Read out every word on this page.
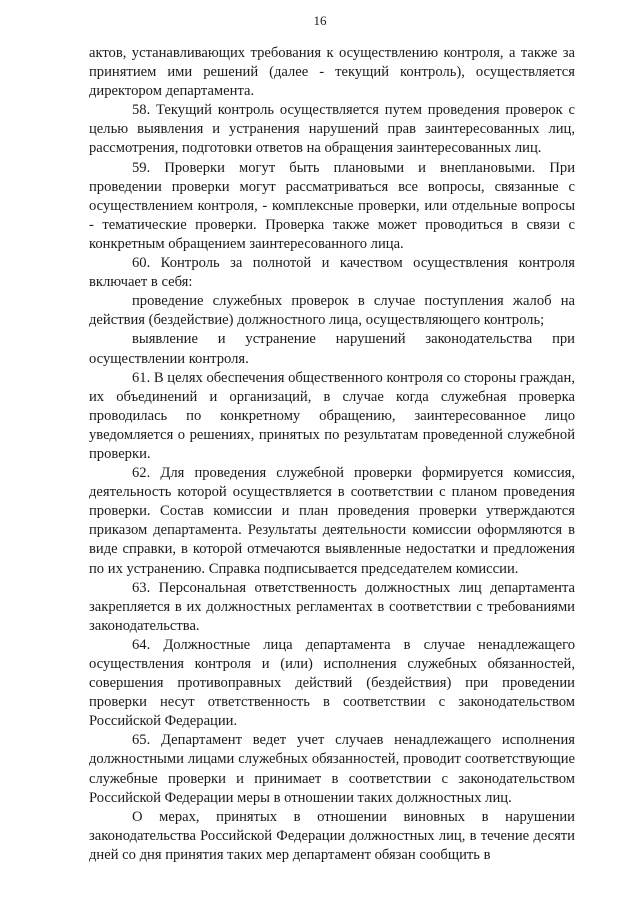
16

актов, устанавливающих требования к осуществлению контроля, а также за принятием ими решений (далее - текущий контроль), осуществляется директором департамента.

58. Текущий контроль осуществляется путем проведения проверок с целью выявления и устранения нарушений прав заинтересованных лиц, рассмотрения, подготовки ответов на обращения заинтересованных лиц.

59. Проверки могут быть плановыми и внеплановыми. При проведении проверки могут рассматриваться все вопросы, связанные с осуществлением контроля, - комплексные проверки, или отдельные вопросы - тематические проверки. Проверка также может проводиться в связи с конкретным обращением заинтересованного лица.

60. Контроль за полнотой и качеством осуществления контроля включает в себя:

проведение служебных проверок в случае поступления жалоб на действия (бездействие) должностного лица, осуществляющего контроль;

выявление и устранение нарушений законодательства при осуществлении контроля.

61. В целях обеспечения общественного контроля со стороны граждан, их объединений и организаций, в случае когда служебная проверка проводилась по конкретному обращению, заинтересованное лицо уведомляется о решениях, принятых по результатам проведенной служебной проверки.

62. Для проведения служебной проверки формируется комиссия, деятельность которой осуществляется в соответствии с планом проведения проверки. Состав комиссии и план проведения проверки утверждаются приказом департамента. Результаты деятельности комиссии оформляются в виде справки, в которой отмечаются выявленные недостатки и предложения по их устранению. Справка подписывается председателем комиссии.

63. Персональная ответственность должностных лиц департамента закрепляется в их должностных регламентах в соответствии с требованиями законодательства.

64. Должностные лица департамента в случае ненадлежащего осуществления контроля и (или) исполнения служебных обязанностей, совершения противоправных действий (бездействия) при проведении проверки несут ответственность в соответствии с законодательством Российской Федерации.

65. Департамент ведет учет случаев ненадлежащего исполнения должностными лицами служебных обязанностей, проводит соответствующие служебные проверки и принимает в соответствии с законодательством Российской Федерации меры в отношении таких должностных лиц.

О мерах, принятых в отношении виновных в нарушении законодательства Российской Федерации должностных лиц, в течение десяти дней со дня принятия таких мер департамент обязан сообщить в
